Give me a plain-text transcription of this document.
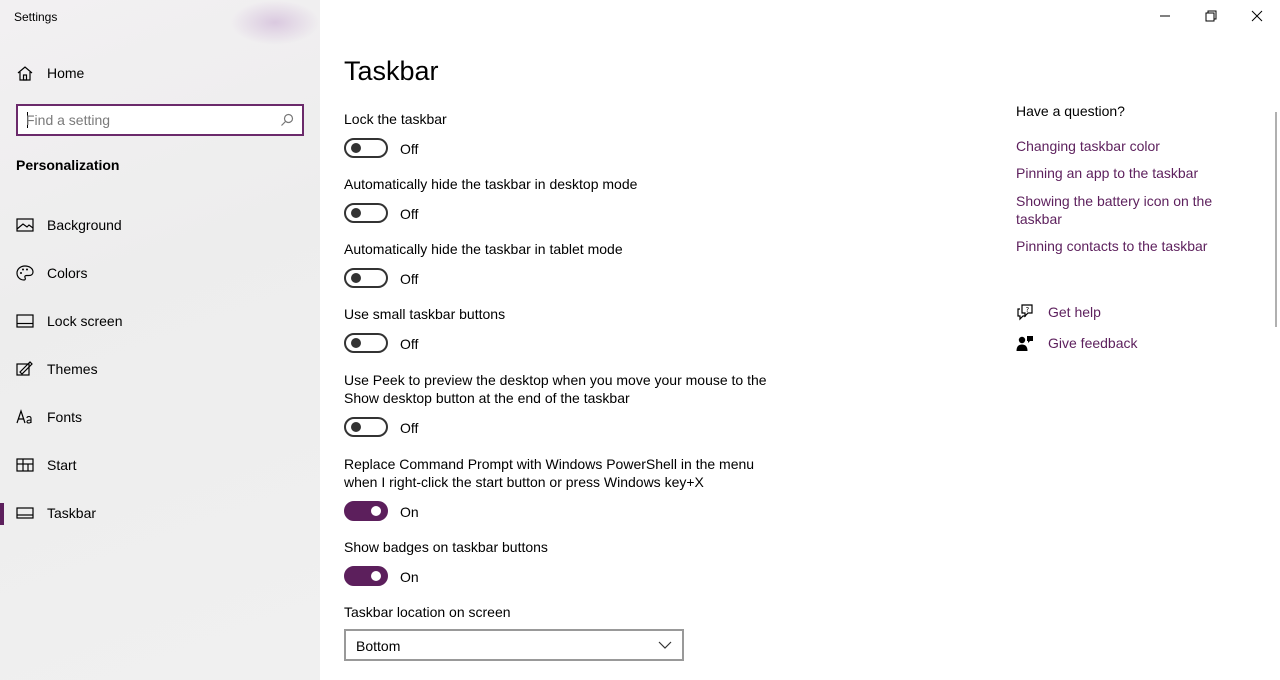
Settings
Home
Find a setting
Personalization
Background
Colors
Lock screen
Themes
Fonts
Start
Taskbar
Taskbar
Lock the taskbar
Off
Automatically hide the taskbar in desktop mode
Off
Automatically hide the taskbar in tablet mode
Off
Use small taskbar buttons
Off
Use Peek to preview the desktop when you move your mouse to the Show desktop button at the end of the taskbar
Off
Replace Command Prompt with Windows PowerShell in the menu when I right-click the start button or press Windows key+X
On
Show badges on taskbar buttons
On
Taskbar location on screen
Bottom
Have a question?
Changing taskbar color
Pinning an app to the taskbar
Showing the battery icon on the taskbar
Pinning contacts to the taskbar
? Get help
Give feedback
